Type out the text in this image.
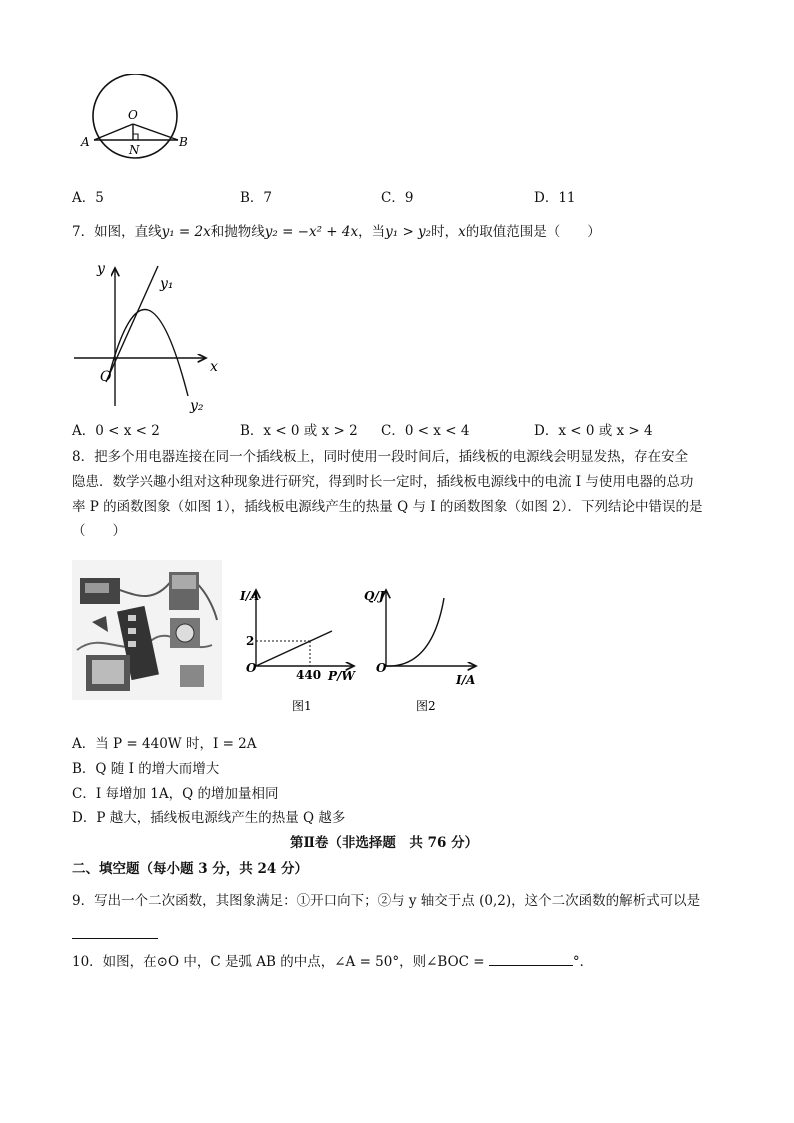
O
A	B
N
A．5	B．7	C．9	D．11
7．如图，直线y₁ = 2x和抛物线y₂ = −x² + 4x，当y₁ > y₂时，x的取值范围是（　　）
y
x
O
y₁
y₂
A．0 < x < 2	B．x < 0 或 x > 2 C．0 < x < 4	D．x < 0 或 x > 4
8．把多个用电器连接在同一个插线板上，同时使用一段时间后，插线板的电源线会明显发热，存在安全
隐患．数学兴趣小组对这种现象进行研究，得到时长一定时，插线板电源线中的电流 I 与使用电器的总功
率 P 的函数图象（如图 1），插线板电源线产生的热量 Q 与 I 的函数图象（如图 2）．下列结论中错误的是
（　　）
I/A
P/W
O
2
440
图1
Q/J
I/A
O
图2
A．当 P = 440W 时，I = 2A
B．Q 随 I 的增大而增大
C．I 每增加 1A，Q 的增加量相同
D．P 越大，插线板电源线产生的热量 Q 越多
第Ⅱ卷（非选择题　共 76 分）
二、填空题（每小题 3 分，共 24 分）
9．写出一个二次函数，其图象满足：①开口向下；②与 y 轴交于点 (0,2)，这个二次函数的解析式可以是
10．如图，在⊙O 中，C 是弧 AB 的中点，∠A = 50°，则∠BOC =	°．
